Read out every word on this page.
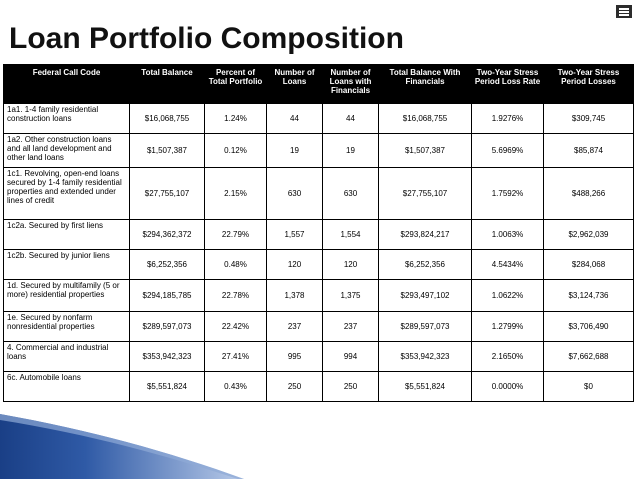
Loan Portfolio Composition
Federal Call Code	Total Balance	Percent of Total Portfolio	Number of Loans	Number of Loans with Financials	Total Balance With Financials	Two-Year Stress Period Loss Rate	Two-Year Stress Period Losses
1a1. 1-4 family residential construction loans	$16,068,755	1.24%	44	44	$16,068,755	1.9276%	$309,745
1a2. Other construction loans and all land development and other land loans	$1,507,387	0.12%	19	19	$1,507,387	5.6969%	$85,874
1c1. Revolving, open-end loans secured by 1-4 family residential properties and extended under lines of credit	$27,755,107	2.15%	630	630	$27,755,107	1.7592%	$488,266
1c2a. Secured by first liens	$294,362,372	22.79%	1,557	1,554	$293,824,217	1.0063%	$2,962,039
1c2b. Secured by junior liens	$6,252,356	0.48%	120	120	$6,252,356	4.5434%	$284,068
1d. Secured by multifamily (5 or more) residential properties	$294,185,785	22.78%	1,378	1,375	$293,497,102	1.0622%	$3,124,736
1e. Secured by nonfarm nonresidential properties	$289,597,073	22.42%	237	237	$289,597,073	1.2799%	$3,706,490
4. Commercial and industrial loans	$353,942,323	27.41%	995	994	$353,942,323	2.1650%	$7,662,688
6c. Automobile loans	$5,551,824	0.43%	250	250	$5,551,824	0.0000%	$0
